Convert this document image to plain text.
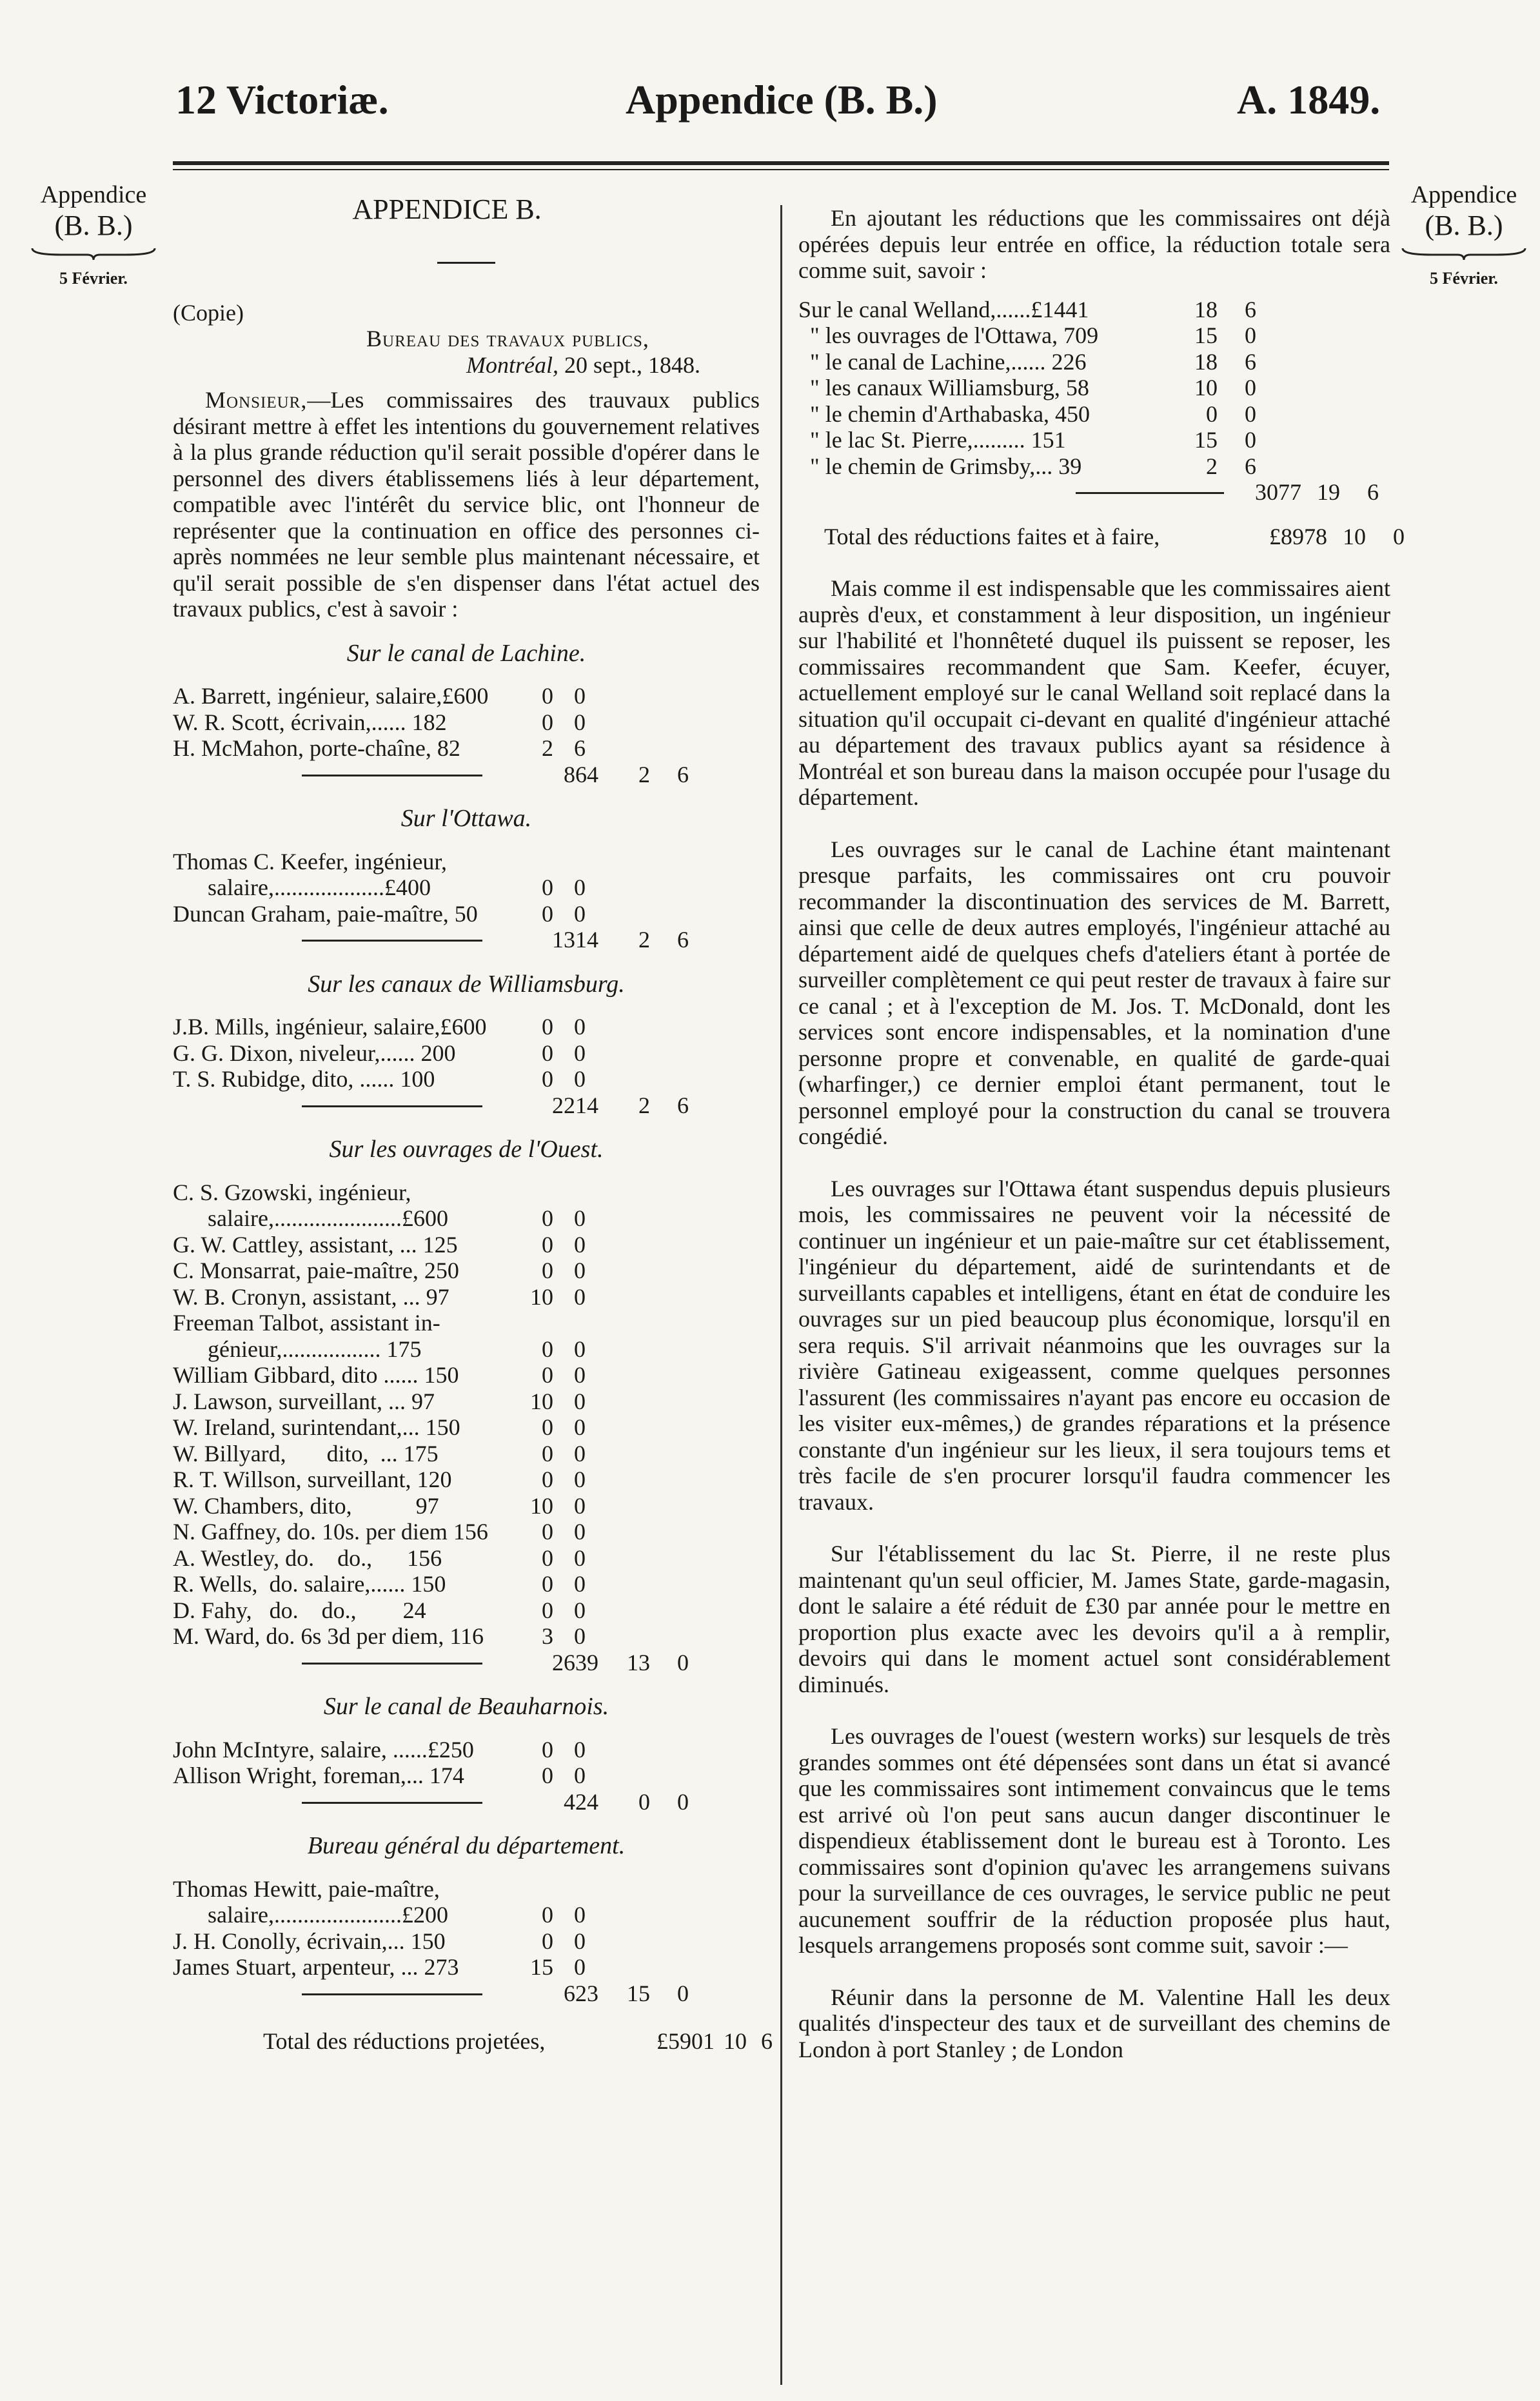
12 Victoriæ.	Appendice (B. B.)	A. 1849.
Appendice
(B. B.)
5 Février.
Appendice
(B. B.)
5 Février.
APPENDICE B.
(Copie)
Bureau des travaux publics,
Montréal, 20 sept., 1848.

Monsieur,—Les commissaires des trauvaux publics désirant mettre à effet les intentions du gouvernement relatives à la plus grande réduction qu'il serait possible d'opérer dans le personnel des divers établissemens liés à leur département, compatible avec l'intérêt du service blic, ont l'honneur de représenter que la continuation en office des personnes ci-après nommées ne leur semble plus maintenant nécessaire, et qu'il serait possible de s'en dispenser dans l'état actuel des travaux publics, c'est à savoir :

Sur le canal de Lachine.
A. Barrett, ingénieur, salaire,£600	0 0
W. R. Scott, écrivain,...... 182	0 0
H. McMahon, porte-chaîne, 82	2 6
864	2	6
Sur l'Ottawa.
Thomas C. Keefer, ingénieur,
salaire,...................£400	0 0
Duncan Graham, paie-maître, 50	0 0
1314	2	6
Sur les canaux de Williamsburg.
J.B. Mills, ingénieur, salaire,£600	0 0
G. G. Dixon, niveleur,...... 200	0 0
T. S. Rubidge, dito, ...... 100	0 0
2214	2	6
Sur les ouvrages de l'Ouest.
C. S. Gzowski, ingénieur,
salaire,......................£600	0 0
G. W. Cattley, assistant, ... 125	0 0
C. Monsarrat, paie-maître, 250	0 0
W. B. Cronyn, assistant, ... 97	10 0
Freeman Talbot, assistant in-
génieur,................. 175	0 0
William Gibbard, dito ...... 150	0 0
J. Lawson, surveillant, ... 97	10 0
W. Ireland, surintendant,... 150	0 0
W. Billyard,       dito,  ... 175	0 0
R. T. Willson, surveillant, 120	0 0
W. Chambers, dito,           97	10 0
N. Gaffney, do. 10s. per diem 156	0 0
A. Westley, do.    do.,      156	0 0
R. Wells,  do. salaire,...... 150	0 0
D. Fahy,   do.    do.,        24	0 0
M. Ward, do. 6s 3d per diem, 116	3 0
2639	13	0
Sur le canal de Beauharnois.
John McIntyre, salaire, ......£250	0 0
Allison Wright, foreman,... 174	0 0
424	0	0
Bureau général du département.
Thomas Hewitt, paie-maître,
salaire,......................£200	0 0
J. H. Conolly, écrivain,... 150	0 0
James Stuart, arpenteur, ... 273	15 0
623	15	0
Total des réductions projetées,	£5901 10 6

En ajoutant les réductions que les commissaires ont déjà opérées depuis leur entrée en office, la réduction totale sera comme suit, savoir :

Sur le canal Welland,......£1441	18	6
" les ouvrages de l'Ottawa, 709	15	0
" le canal de Lachine,...... 226	18	6
" les canaux Williamsburg, 58	10	0
" le chemin d'Arthabaska, 450	0	0
" le lac St. Pierre,......... 151	15	0
" le chemin de Grimsby,... 39	2	6
3077 19	6
Total des réductions faites et à faire,	£8978 10	0

Mais comme il est indispensable que les commissaires aient auprès d'eux, et constamment à leur disposition, un ingénieur sur l'habilité et l'honnêteté duquel ils puissent se reposer, les commissaires recommandent que Sam. Keefer, écuyer, actuellement employé sur le canal Welland soit replacé dans la situation qu'il occupait ci-devant en qualité d'ingénieur attaché au département des travaux publics ayant sa résidence à Montréal et son bureau dans la maison occupée pour l'usage du département.

Les ouvrages sur le canal de Lachine étant maintenant presque parfaits, les commissaires ont cru pouvoir recommander la discontinuation des services de M. Barrett, ainsi que celle de deux autres employés, l'ingénieur attaché au département aidé de quelques chefs d'ateliers étant à portée de surveiller complètement ce qui peut rester de travaux à faire sur ce canal ; et à l'exception de M. Jos. T. McDonald, dont les services sont encore indispensables, et la nomination d'une personne propre et convenable, en qualité de garde-quai (wharfinger,) ce dernier emploi étant permanent, tout le personnel employé pour la construction du canal se trouvera congédié.

Les ouvrages sur l'Ottawa étant suspendus depuis plusieurs mois, les commissaires ne peuvent voir la nécessité de continuer un ingénieur et un paie-maître sur cet établissement, l'ingénieur du département, aidé de surintendants et de surveillants capables et intelligens, étant en état de conduire les ouvrages sur un pied beaucoup plus économique, lorsqu'il en sera requis. S'il arrivait néanmoins que les ouvrages sur la rivière Gatineau exigeassent, comme quelques personnes l'assurent (les commissaires n'ayant pas encore eu occasion de les visiter eux-mêmes,) de grandes réparations et la présence constante d'un ingénieur sur les lieux, il sera toujours tems et très facile de s'en procurer lorsqu'il faudra commencer les travaux.

Sur l'établissement du lac St. Pierre, il ne reste plus maintenant qu'un seul officier, M. James State, garde-magasin, dont le salaire a été réduit de £30 par année pour le mettre en proportion plus exacte avec les devoirs qu'il a à remplir, devoirs qui dans le moment actuel sont considérablement diminués.

Les ouvrages de l'ouest (western works) sur lesquels de très grandes sommes ont été dépensées sont dans un état si avancé que les commissaires sont intimement convaincus que le tems est arrivé où l'on peut sans aucun danger discontinuer le dispendieux établissement dont le bureau est à Toronto. Les commissaires sont d'opinion qu'avec les arrangemens suivans pour la surveillance de ces ouvrages, le service public ne peut aucunement souffrir de la réduction proposée plus haut, lesquels arrangemens proposés sont comme suit, savoir :—

Réunir dans la personne de M. Valentine Hall les deux qualités d'inspecteur des taux et de surveillant des chemins de London à port Stanley ; de London
